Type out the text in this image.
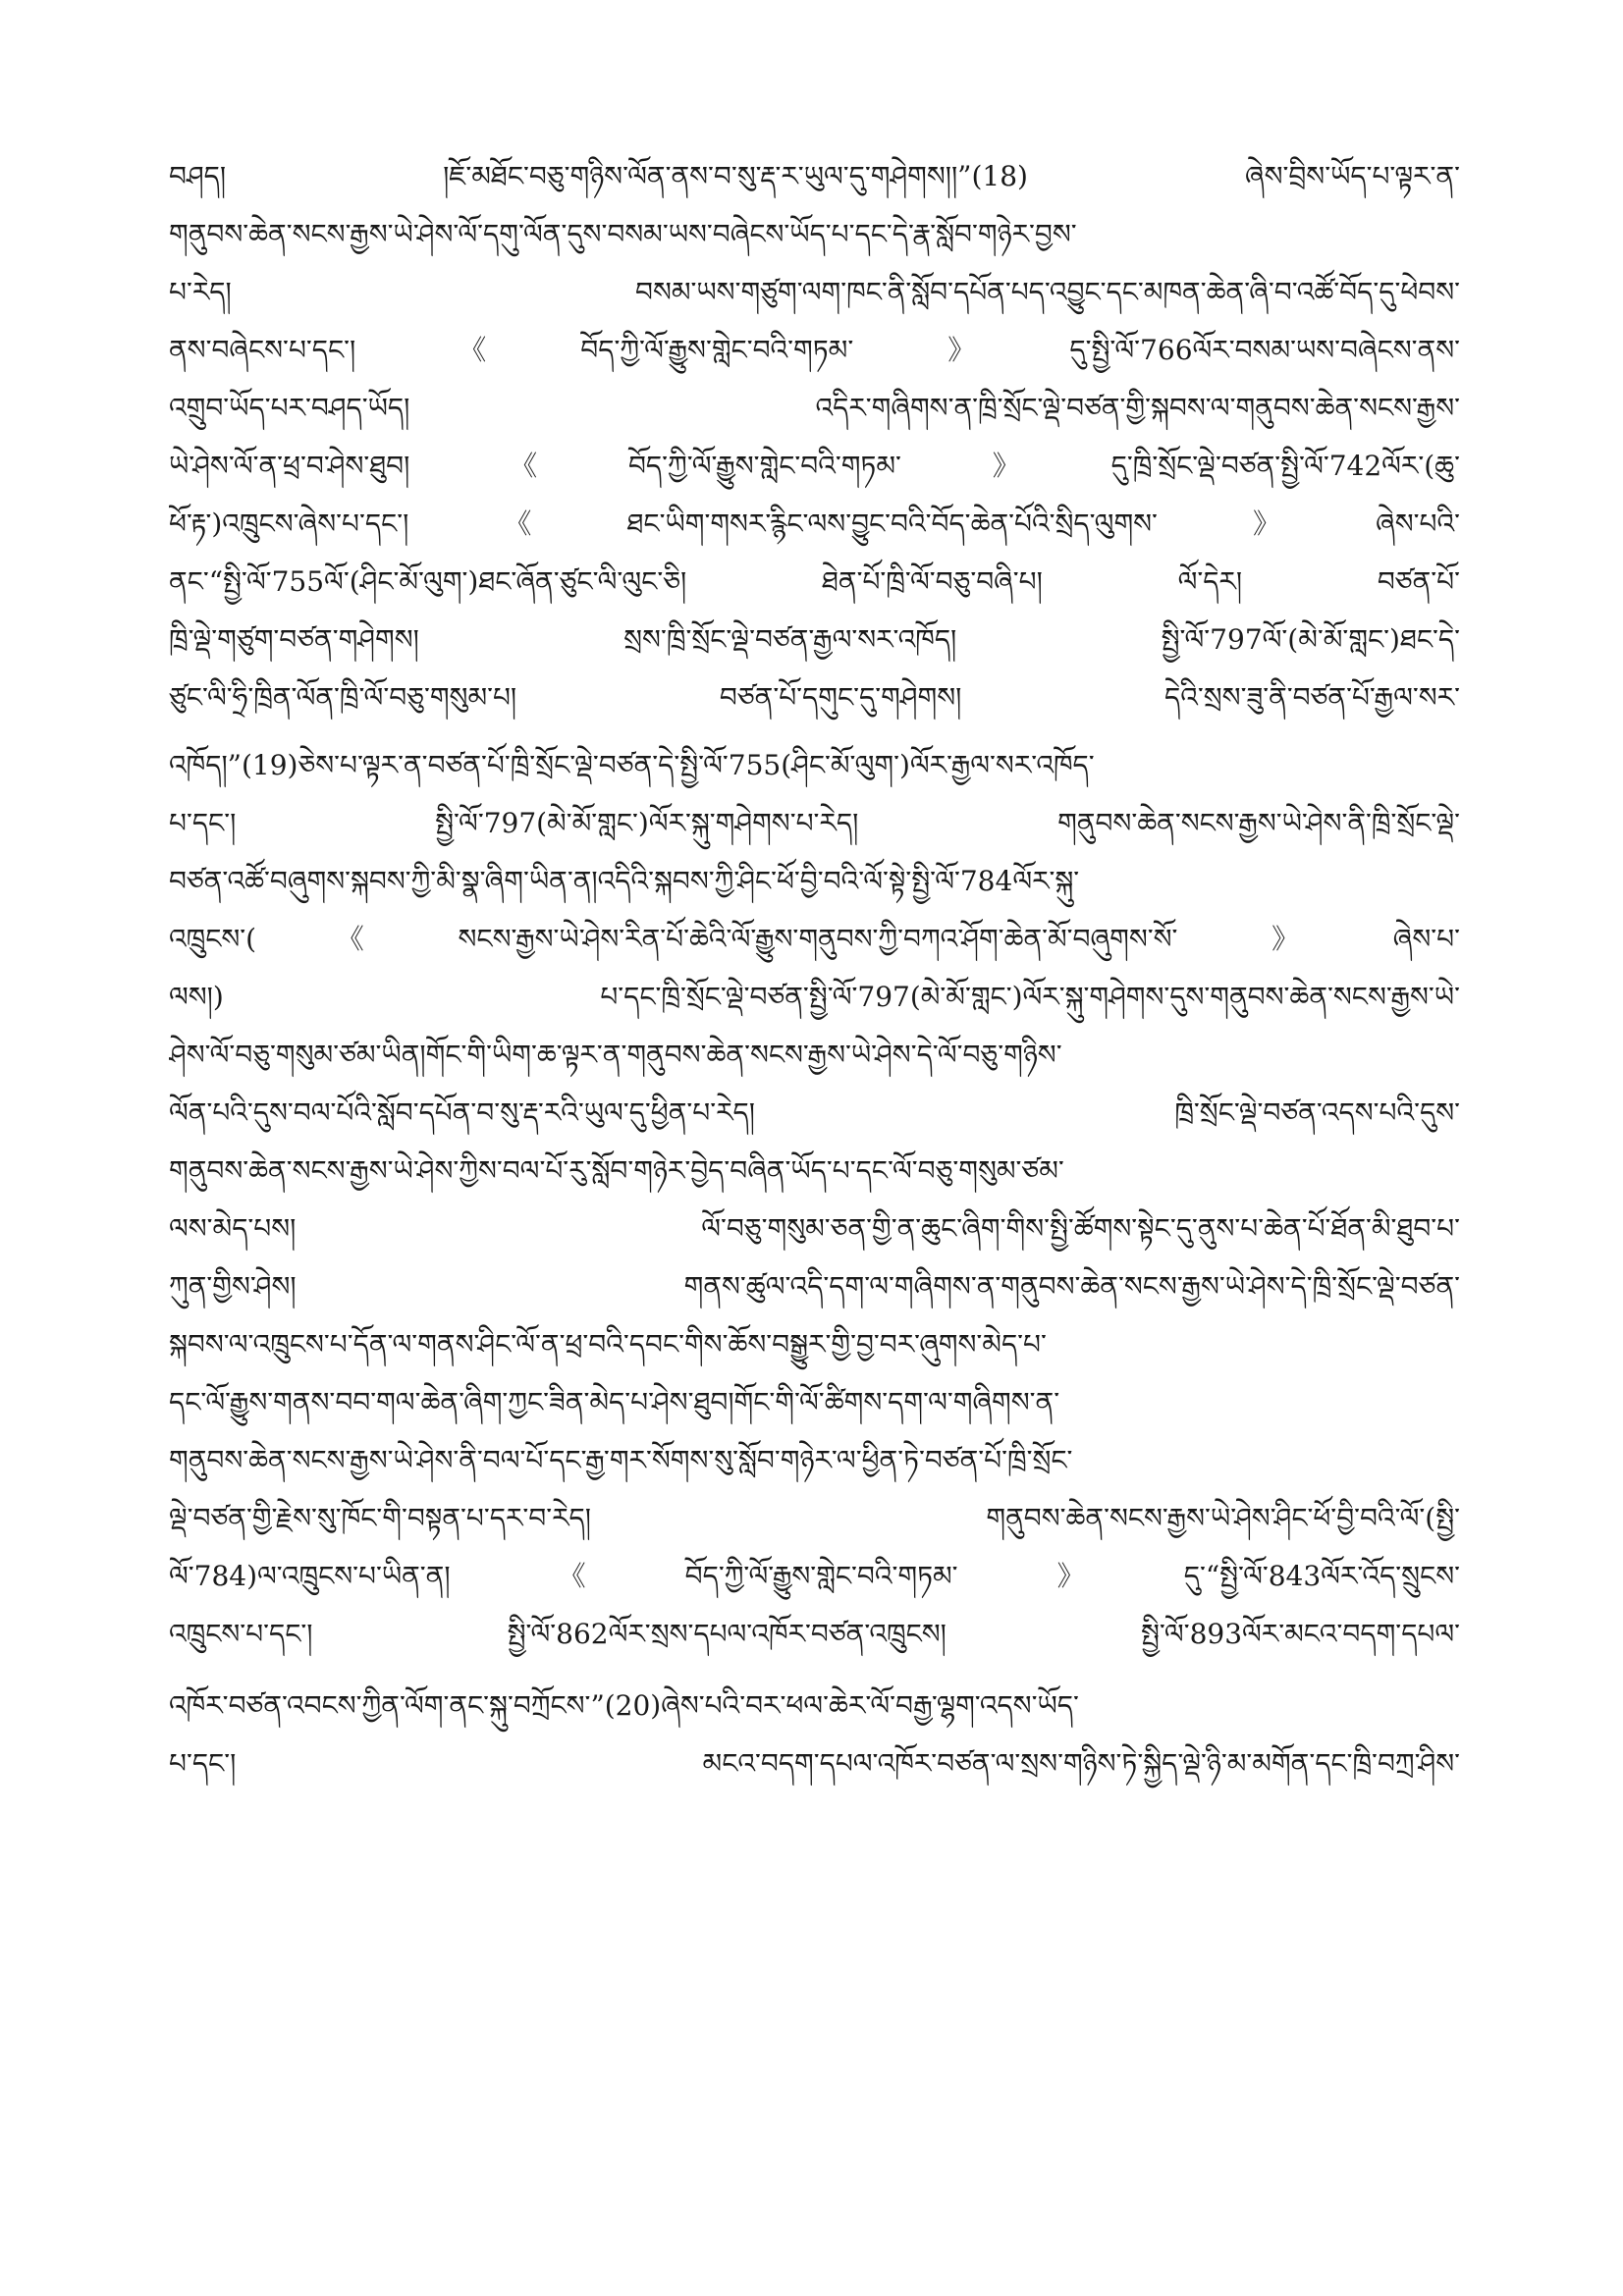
བཤད། །ཇོ་མཐོང་བཅུ་གཉིས་ལོན་ནས་བ་སུ་རྡ་ར་ཡུལ་དུ་གཤེགས།།”(18) ཞེས་བྲིས་ཡོད་པ་ལྟར་ན་
གནུབས་ཆེན་སངས་རྒྱས་ཡེ་ཤེས་ལོ་དགུ་ལོན་དུས་བསམ་ཡས་བཞེངས་ཡོད་པ་དང་དེ་རྣ་སློབ་གཉེར་བྱས་
པ་རེད། བསམ་ཡས་གཙུག་ལག་ཁང་ནི་སློབ་དཔོན་པད་འབྱུང་དང་མཁན་ཆེན་ཞི་བ་འཚོ་བོད་དུ་ཕེབས་
ནས་བཞེངས་པ་དང་། 《བོད་ཀྱི་ལོ་རྒྱུས་གླེང་བའི་གཏམ་》དུ་སྤྱི་ལོ་766ལོར་བསམ་ཡས་བཞེངས་ནས་
འགྲུབ་ཡོད་པར་བཤད་ཡོད། འདིར་གཞིགས་ན་ཁྲི་སྲོང་ལྡེ་བཙན་གྱི་སྐབས་ལ་གནུབས་ཆེན་སངས་རྒྱས་
ཡེ་ཤེས་ལོ་ན་ཕྲ་བ་ཤེས་ཐུབ། 《བོད་ཀྱི་ལོ་རྒྱུས་གླེང་བའི་གཏམ་》དུ་ཁྲི་སྲོང་ལྡེ་བཙན་སྤྱི་ལོ་742ལོར་(ཆུ་
ཕོ་རྟ་)འཁྲུངས་ཞེས་པ་དང་།《ཐང་ཡིག་གསར་རྙིང་ལས་བྱུང་བའི་བོད་ཆེན་པོའི་སྲིད་ལུགས་》ཞེས་པའི་
ནང་“སྤྱི་ལོ་755ལོ་(ཤིང་མོ་ལུག་)ཐང་ཞོན་ཙུང་ལི་ལུང་ཅི། ཐེན་པོ་ཁྲི་ལོ་བཅུ་བཞི་པ། ལོ་དེར། བཙན་པོ་
ཁྲི་ལྡེ་གཙུག་བཙན་གཤེགས། སྲས་ཁྲི་སྲོང་ལྡེ་བཙན་རྒྱལ་སར་འཁོད། སྤྱི་ལོ་797ལོ་(མེ་མོ་གླང་)ཐང་དེ་
ཙུང་ལི་ཧྲི་ཁྲིན་ལོན་ཁྲི་ལོ་བཅུ་གསུམ་པ། བཙན་པོ་དགུང་དུ་གཤེགས། དེའི་སྲས་ཟུ་ནི་བཙན་པོ་རྒྱལ་སར་
འཁོད།”(19)ཅེས་པ་ལྟར་ན་བཙན་པོ་ཁྲི་སྲོང་ལྡེ་བཙན་དེ་སྤྱི་ལོ་755(ཤིང་མོ་ལུག་)ལོར་རྒྱལ་སར་འཁོད་
པ་དང་། སྤྱི་ལོ་797(མེ་མོ་གླང་)ལོར་སྐུ་གཤེགས་པ་རེད། གནུབས་ཆེན་སངས་རྒྱས་ཡེ་ཤེས་ནི་ཁྲི་སྲོང་ལྡེ་
བཙན་འཚོ་བཞུགས་སྐབས་ཀྱི་མི་སྣ་ཞིག་ཡིན་ན།འདིའི་སྐབས་ཀྱི་ཤིང་ཕོ་བྱི་བའི་ལོ་སྟེ་སྤྱི་ལོ་784ལོར་སྐུ་
འཁྲུངས་(《སངས་རྒྱས་ཡེ་ཤེས་རིན་པོ་ཆེའི་ལོ་རྒྱུས་གནུབས་ཀྱི་བཀའ་ཤོག་ཆེན་མོ་བཞུགས་སོ་》ཞེས་པ་
ལས།) པ་དང་ཁྲི་སྲོང་ལྡེ་བཙན་སྤྱི་ལོ་797(མེ་མོ་གླང་)ལོར་སྐུ་གཤེགས་དུས་གནུབས་ཆེན་སངས་རྒྱས་ཡེ་
ཤེས་ལོ་བཅུ་གསུམ་ཙམ་ཡིན།གོང་གི་ཡིག་ཆ་ལྟར་ན་གནུབས་ཆེན་སངས་རྒྱས་ཡེ་ཤེས་དེ་ལོ་བཅུ་གཉིས་
ལོན་པའི་དུས་བལ་པོའི་སློབ་དཔོན་བ་སུ་རྡ་རའི་ཡུལ་དུ་ཕྱིན་པ་རེད། ཁྲི་སྲོང་ལྡེ་བཙན་འདས་པའི་དུས་
གནུབས་ཆེན་སངས་རྒྱས་ཡེ་ཤེས་ཀྱིས་བལ་པོ་རུ་སློབ་གཉེར་བྱེད་བཞིན་ཡོད་པ་དང་ལོ་བཅུ་གསུམ་ཙམ་
ལས་མེད་པས། ལོ་བཅུ་གསུམ་ཅན་གྱི་ན་ཆུང་ཞིག་གིས་སྤྱི་ཚོགས་སྟེང་དུ་ནུས་པ་ཆེན་པོ་ཐོན་མི་ཐུབ་པ་
ཀུན་གྱིས་ཤེས། གནས་ཚུལ་འདི་དག་ལ་གཞིགས་ན་གནུབས་ཆེན་སངས་རྒྱས་ཡེ་ཤེས་དེ་ཁྲི་སྲོང་ལྡེ་བཙན་
སྐབས་ལ་འཁྲུངས་པ་དོན་ལ་གནས་ཤིང་ལོ་ན་ཕྲ་བའི་དབང་གིས་ཆོས་བསྒྱུར་གྱི་བྱ་བར་ཞུགས་མེད་པ་
དང་ལོ་རྒྱུས་གནས་བབ་གལ་ཆེན་ཞིག་ཀྱང་ཟིན་མེད་པ་ཤེས་ཐུབ།གོང་གི་ལོ་ཚིགས་དག་ལ་གཞིགས་ན་
གནུབས་ཆེན་སངས་རྒྱས་ཡེ་ཤེས་ནི་བལ་པོ་དང་རྒྱ་གར་སོགས་སུ་སློབ་གཉེར་ལ་ཕྱིན་ཏེ་བཙན་པོ་ཁྲི་སྲོང་
ལྡེ་བཙན་གྱི་རྗེས་སུ་ཁོང་གི་བསྟན་པ་དར་བ་རེད། གནུབས་ཆེན་སངས་རྒྱས་ཡེ་ཤེས་ཤིང་ཕོ་བྱི་བའི་ལོ་(སྤྱི་
ལོ་784)ལ་འཁྲུངས་པ་ཡིན་ན། 《བོད་ཀྱི་ལོ་རྒྱུས་གླེང་བའི་གཏམ་》དུ་“སྤྱི་ལོ་843ལོར་འོད་སྲུངས་
འཁྲུངས་པ་དང་། སྤྱི་ལོ་862ལོར་སྲས་དཔལ་འཁོར་བཙན་འཁྲུངས། སྤྱི་ལོ་893ལོར་མངའ་བདག་དཔལ་
འཁོར་བཙན་འབངས་ཀྱིན་ལོག་ནང་སྐུ་བཀྲོངས་”(20)ཞེས་པའི་བར་ཕལ་ཆེར་ལོ་བརྒྱ་ལྷག་འདས་ཡོད་
པ་དང་། མངའ་བདག་དཔལ་འཁོར་བཙན་ལ་སྲས་གཉིས་ཏེ་སྐྱིད་ལྡེ་ཉི་མ་མགོན་དང་ཁྲི་བཀྲ་ཤིས་
